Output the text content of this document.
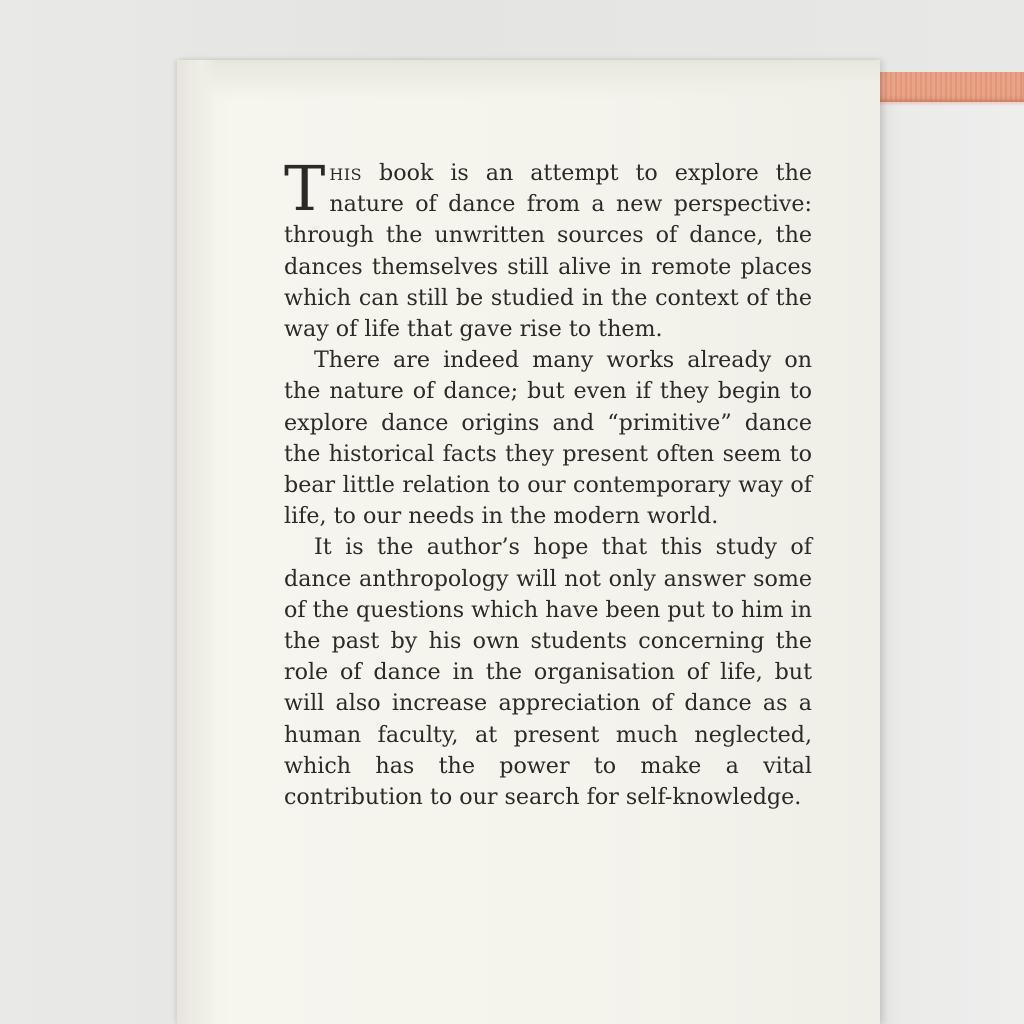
This book is an attempt to explore the nature of dance from a new perspective: through the unwritten sources of dance, the dances themselves still alive in remote places which can still be studied in the context of the way of life that gave rise to them.

There are indeed many works already on the nature of dance; but even if they begin to explore dance origins and “primitive” dance the historical facts they present often seem to bear little relation to our contemporary way of life, to our needs in the modern world.

It is the author’s hope that this study of dance anthropology will not only answer some of the questions which have been put to him in the past by his own students concerning the role of dance in the organisation of life, but will also increase appreciation of dance as a human faculty, at present much neglected, which has the power to make a vital contribution to our search for self-knowledge.
